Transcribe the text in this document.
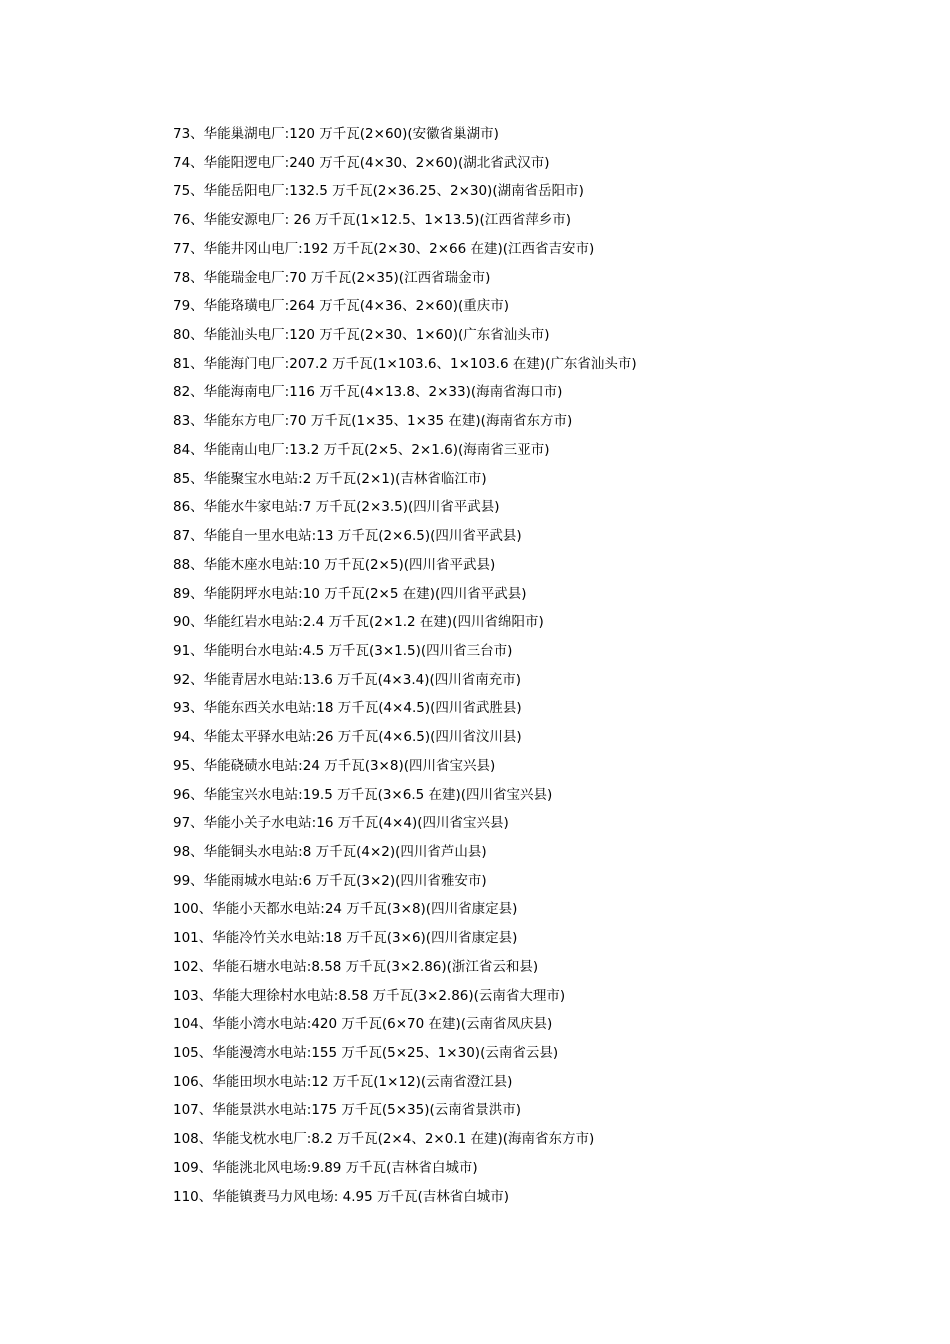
73、华能巢湖电厂:120 万千瓦(2×60)(安徽省巢湖市)
74、华能阳逻电厂:240 万千瓦(4×30、2×60)(湖北省武汉市)
75、华能岳阳电厂:132.5 万千瓦(2×36.25、2×30)(湖南省岳阳市)
76、华能安源电厂: 26 万千瓦(1×12.5、1×13.5)(江西省萍乡市)
77、华能井冈山电厂:192 万千瓦(2×30、2×66 在建)(江西省吉安市)
78、华能瑞金电厂:70 万千瓦(2×35)(江西省瑞金市)
79、华能珞璜电厂:264 万千瓦(4×36、2×60)(重庆市)
80、华能汕头电厂:120 万千瓦(2×30、1×60)(广东省汕头市)
81、华能海门电厂:207.2 万千瓦(1×103.6、1×103.6 在建)(广东省汕头市)
82、华能海南电厂:116 万千瓦(4×13.8、2×33)(海南省海口市)
83、华能东方电厂:70 万千瓦(1×35、1×35 在建)(海南省东方市)
84、华能南山电厂:13.2 万千瓦(2×5、2×1.6)(海南省三亚市)
85、华能聚宝水电站:2 万千瓦(2×1)(吉林省临江市)
86、华能水牛家电站:7 万千瓦(2×3.5)(四川省平武县)
87、华能自一里水电站:13 万千瓦(2×6.5)(四川省平武县)
88、华能木座水电站:10 万千瓦(2×5)(四川省平武县)
89、华能阴坪水电站:10 万千瓦(2×5 在建)(四川省平武县)
90、华能红岩水电站:2.4 万千瓦(2×1.2 在建)(四川省绵阳市)
91、华能明台水电站:4.5 万千瓦(3×1.5)(四川省三台市)
92、华能青居水电站:13.6 万千瓦(4×3.4)(四川省南充市)
93、华能东西关水电站:18 万千瓦(4×4.5)(四川省武胜县)
94、华能太平驿水电站:26 万千瓦(4×6.5)(四川省汶川县)
95、华能硗碛水电站:24 万千瓦(3×8)(四川省宝兴县)
96、华能宝兴水电站:19.5 万千瓦(3×6.5 在建)(四川省宝兴县)
97、华能小关子水电站:16 万千瓦(4×4)(四川省宝兴县)
98、华能铜头水电站:8 万千瓦(4×2)(四川省芦山县)
99、华能雨城水电站:6 万千瓦(3×2)(四川省雅安市)
100、华能小天都水电站:24 万千瓦(3×8)(四川省康定县)
101、华能冷竹关水电站:18 万千瓦(3×6)(四川省康定县)
102、华能石塘水电站:8.58 万千瓦(3×2.86)(浙江省云和县)
103、华能大理徐村水电站:8.58 万千瓦(3×2.86)(云南省大理市)
104、华能小湾水电站:420 万千瓦(6×70 在建)(云南省凤庆县)
105、华能漫湾水电站:155 万千瓦(5×25、1×30)(云南省云县)
106、华能田坝水电站:12 万千瓦(1×12)(云南省澄江县)
107、华能景洪水电站:175 万千瓦(5×35)(云南省景洪市)
108、华能戈枕水电厂:8.2 万千瓦(2×4、2×0.1 在建)(海南省东方市)
109、华能洮北风电场:9.89 万千瓦(吉林省白城市)
110、华能镇赉马力风电场: 4.95 万千瓦(吉林省白城市)
